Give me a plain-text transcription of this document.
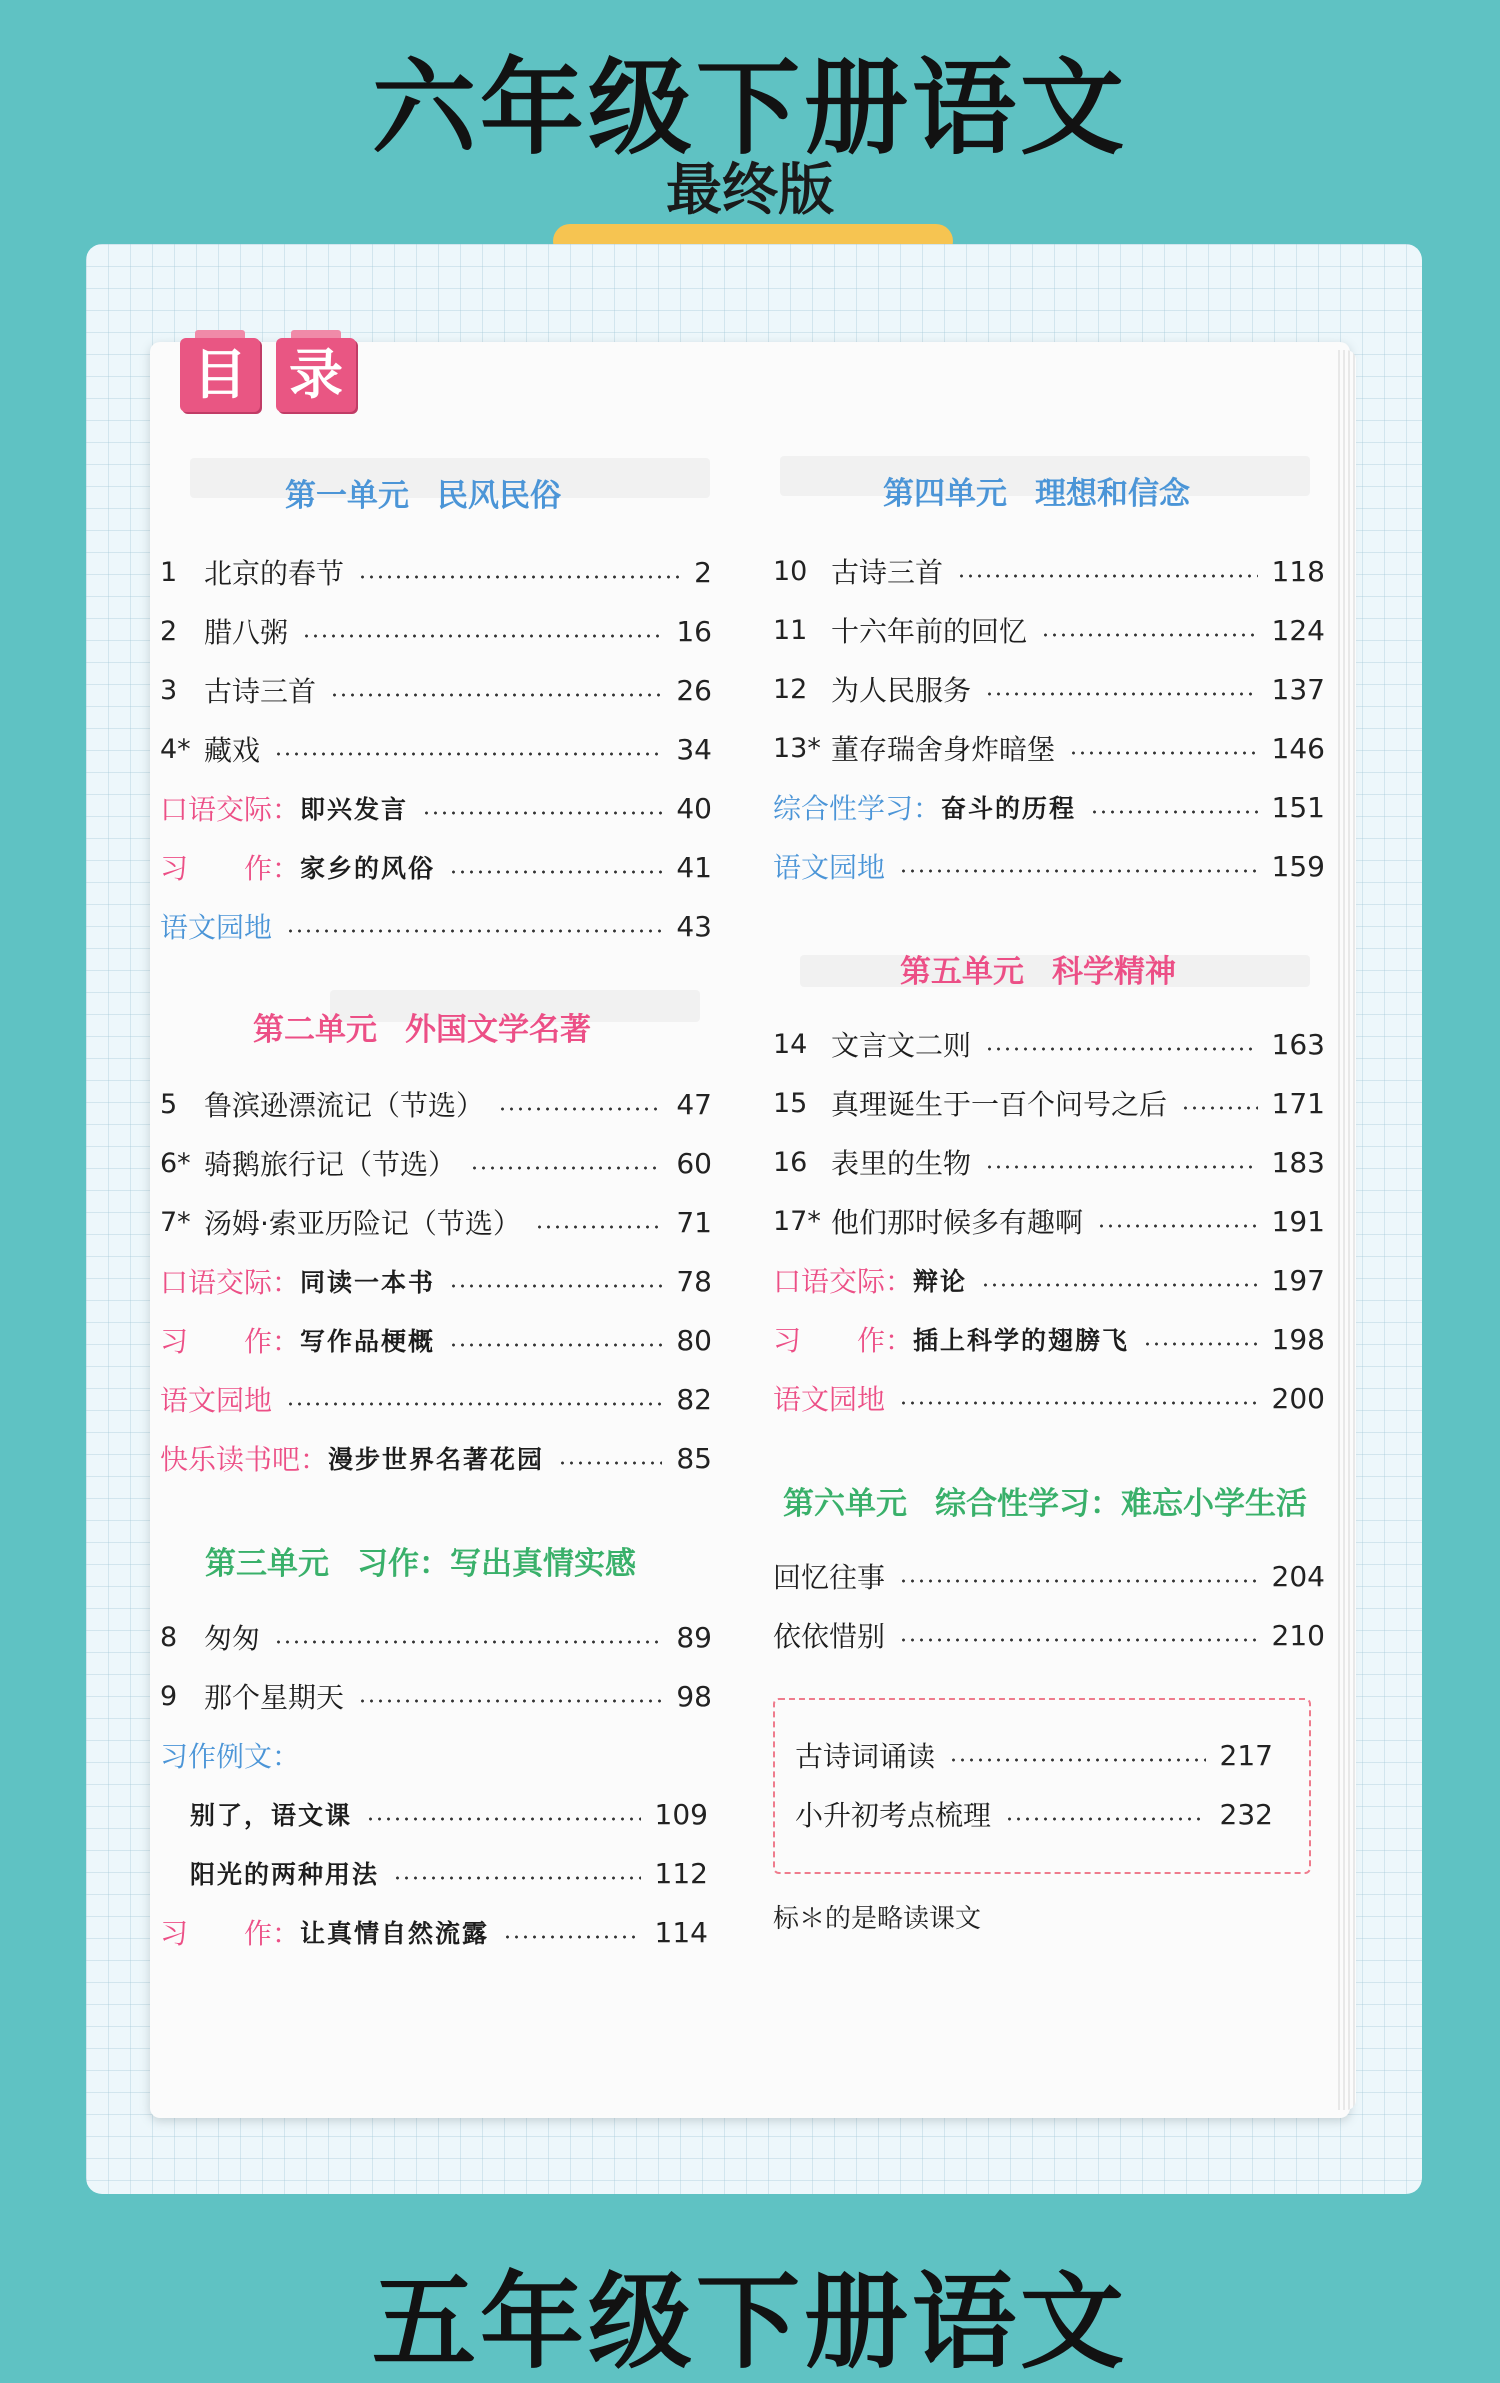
六年级下册语文
最终版
目 录
第一单元 民风民俗
第二单元 外国文学名著
第三单元 习作：写出真情实感
第四单元 理想和信念
第五单元 科学精神
第六单元 综合性学习：难忘小学生活
1 北京的春节	2
2 腊八粥	16
3 古诗三首	26
4* 藏戏	34
口语交际： 即兴发言	40
习　　作： 家乡的风俗	41
语文园地	43
5 鲁滨逊漂流记（节选）	47
6* 骑鹅旅行记（节选）	60
7* 汤姆·索亚历险记（节选）	71
口语交际： 同读一本书	78
习　　作： 写作品梗概	80
语文园地	82
快乐读书吧： 漫步世界名著花园	85
8 匆匆	89
9 那个星期天	98
习作例文：
别了，语文课	109
阳光的两种用法	112
习　　作： 让真情自然流露	114
10 古诗三首	118
11 十六年前的回忆	124
12 为人民服务	137
13* 董存瑞舍身炸暗堡	146
综合性学习： 奋斗的历程	151
语文园地	159
14 文言文二则	163
15 真理诞生于一百个问号之后	171
16 表里的生物	183
17* 他们那时候多有趣啊	191
口语交际： 辩论	197
习　　作： 插上科学的翅膀飞	198
语文园地	200
回忆往事	204
依依惜别	210
古诗词诵读	217
小升初考点梳理	232
标＊的是略读课文
五年级下册语文
